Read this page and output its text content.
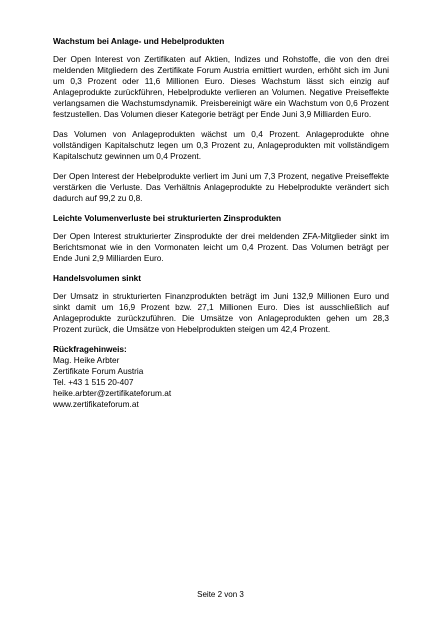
Wachstum bei Anlage- und Hebelprodukten

Der Open Interest von Zertifikaten auf Aktien, Indizes und Rohstoffe, die von den drei meldenden Mitgliedern des Zertifikate Forum Austria emittiert wurden, erhöht sich im Juni um 0,3 Prozent oder 11,6 Millionen Euro. Dieses Wachstum lässt sich einzig auf Anlageprodukte zurückführen, Hebelprodukte verlieren an Volumen. Negative Preiseffekte verlangsamen die Wachstumsdynamik. Preisbereinigt wäre ein Wachstum von 0,6 Prozent festzustellen. Das Volumen dieser Kategorie beträgt per Ende Juni 3,9 Milliarden Euro.

Das Volumen von Anlageprodukten wächst um 0,4 Prozent. Anlageprodukte ohne vollständigen Kapitalschutz legen um 0,3 Prozent zu, Anlageprodukten mit vollständigem Kapitalschutz gewinnen um 0,4 Prozent.

Der Open Interest der Hebelprodukte verliert im Juni um 7,3 Prozent, negative Preiseffekte verstärken die Verluste. Das Verhältnis Anlageprodukte zu Hebelprodukte verändert sich dadurch auf 99,2 zu 0,8.

Leichte Volumenverluste bei strukturierten Zinsprodukten

Der Open Interest strukturierter Zinsprodukte der drei meldenden ZFA-Mitglieder sinkt im Berichtsmonat wie in den Vormonaten leicht um 0,4 Prozent. Das Volumen beträgt per Ende Juni 2,9 Milliarden Euro.

Handelsvolumen sinkt

Der Umsatz in strukturierten Finanzprodukten beträgt im Juni 132,9 Millionen Euro und sinkt damit um 16,9 Prozent bzw. 27,1 Millionen Euro. Dies ist ausschließlich auf Anlageprodukte zurückzuführen. Die Umsätze von Anlageprodukten gehen um 28,3 Prozent zurück, die Umsätze von Hebelprodukten steigen um 42,4 Prozent.

Rückfragehinweis:
Mag. Heike Arbter
Zertifikate Forum Austria
Tel. +43 1 515 20-407
heike.arbter@zertifikateforum.at
www.zertifikateforum.at
Seite 2 von 3
